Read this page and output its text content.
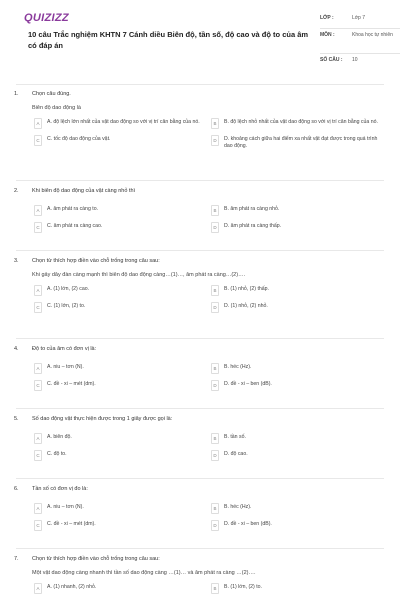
QUIZIZZ
10 câu Trắc nghiệm KHTN 7 Cánh diều Biên độ, tần số, độ cao và độ to của âm có đáp án
LỚP :	Lớp 7
MÔN :	Khoa học tự nhiên
SỐ CÂU :	10
1.	Chọn câu đúng.
Biên độ dao động là
A	A. độ lệch lớn nhất của vật dao động so với vị trí cân bằng của nó.	B	B. độ lệch nhỏ nhất của vật dao động so với vị trí cân bằng của nó.
C	C. tốc độ dao động của vật.	D	D. khoảng cách giữa hai điểm xa nhất vật đạt được trong quá trình dao động.
2.	Khi biên độ dao động của vật càng nhỏ thì
A	A. âm phát ra càng to.	B	B. âm phát ra càng nhỏ.
C	C. âm phát ra càng cao.	D	D. âm phát ra càng thấp.
3.	Chọn từ thích hợp điền vào chỗ trống trong câu sau:
Khi gảy dây đàn càng mạnh thì biên độ dao động càng…(1)…, âm phát ra càng…(2)….
A	A. (1) lớn, (2) cao.	B	B. (1) nhỏ, (2) thấp.
C	C. (1) lớn, (2) to.	D	D. (1) nhỏ, (2) nhỏ.
4.	Độ to của âm có đơn vị là:
A	A. niu – tơn (N).	B	B. héc (Hz).
C	C. đề - xi – mét (dm).	D	D. đề - xi – ben (dB).
5.	Số dao động vật thực hiện được trong 1 giây được gọi là:
A	A. biên độ.	B	B. tần số.
C	C. độ to.	D	D. độ cao.
6.	Tần số có đơn vị đo là:
A	A. niu – tơn (N).	B	B. héc (Hz).
C	C. đề - xi – mét (dm).	D	D. đề - xi – ben (dB).
7.	Chọn từ thích hợp điền vào chỗ trống trong câu sau:
Một vật dao động càng nhanh thì tần số dao động càng …(1)… và âm phát ra càng …(2)….
A	A. (1) nhanh, (2) nhỏ.	B	B. (1) lớn, (2) to.
